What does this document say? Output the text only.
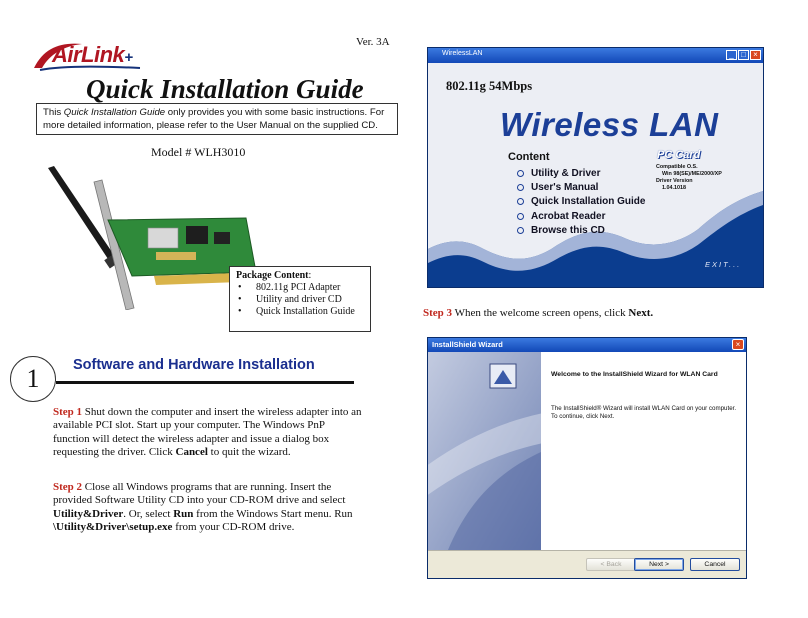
Ver. 3A
AirLink+
Quick Installation Guide
This Quick Installation Guide only provides you with some basic instructions. For more detailed information, please refer to the User Manual on the supplied CD.
Model # WLH3010
Package Content:
• 802.11g PCI Adapter
• Utility and driver CD
• Quick Installation Guide
1	Software and Hardware Installation
Step 1 Shut down the computer and insert the wireless adapter into an available PCI slot. Start up your computer. The Windows PnP function will detect the wireless adapter and issue a dialog box requesting the driver. Click Cancel to quit the wizard.
Step 2 Close all Windows programs that are running. Insert the provided Software Utility CD into your CD-ROM drive and select Utility&Driver. Or, select Run from the Windows Start menu. Run \Utility&Driver\setup.exe from your CD-ROM drive.
WirelessLAN	_ □ ×
802.11g 54Mbps
Wireless LAN
Content
Utility & Driver
User's Manual
Quick Installation Guide
Acrobat Reader
Browse this CD
PC Card
Compatible O.S.
Win 98(SE)/ME/2000/XP
Driver Version
1.04.1018
EXIT...
Step 3 When the welcome screen opens, click Next.
InstallShield Wizard	×
Welcome to the InstallShield Wizard for WLAN Card
The InstallShield® Wizard will install WLAN Card on your computer. To continue, click Next.
< Back	Next >	Cancel
